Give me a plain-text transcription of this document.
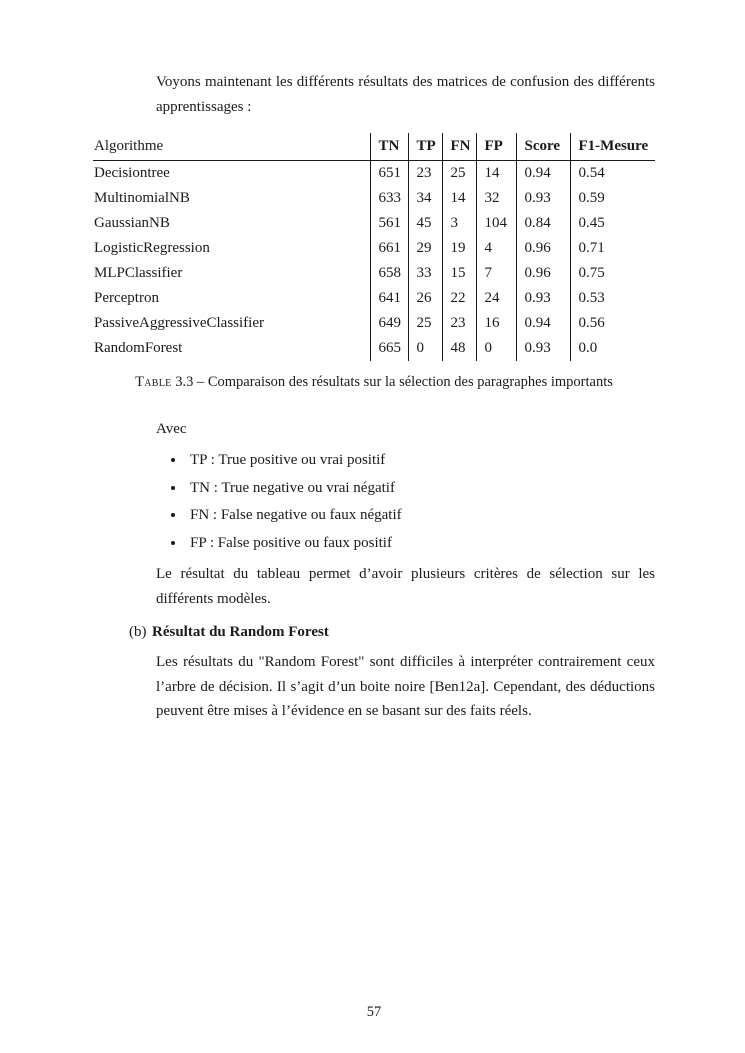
Voyons maintenant les différents résultats des matrices de confusion des différents apprentissages :

Algorithme	TN	TP	FN	FP	Score	F1-Mesure
Decisiontree	651	23	25	14	0.94	0.54
MultinomialNB	633	34	14	32	0.93	0.59
GaussianNB	561	45	3	104	0.84	0.45
LogisticRegression	661	29	19	4	0.96	0.71
MLPClassifier	658	33	15	7	0.96	0.75
Perceptron	641	26	22	24	0.93	0.53
PassiveAggressiveClassifier	649	25	23	16	0.94	0.56
RandomForest	665	0	48	0	0.93	0.0

Table 3.3 – Comparaison des résultats sur la sélection des paragraphes importants

Avec

• TP : True positive ou vrai positif
• TN : True negative ou vrai négatif
• FN : False negative ou faux négatif
• FP : False positive ou faux positif

Le résultat du tableau permet d’avoir plusieurs critères de sélection sur les différents modèles.

(b) Résultat du Random Forest

Les résultats du "Random Forest" sont difficiles à interpréter contrairement ceux l’arbre de décision. Il s’agit d’un boite noire [Ben12a]. Cependant, des déductions peuvent être mises à l’évidence en se basant sur des faits réels.

57
